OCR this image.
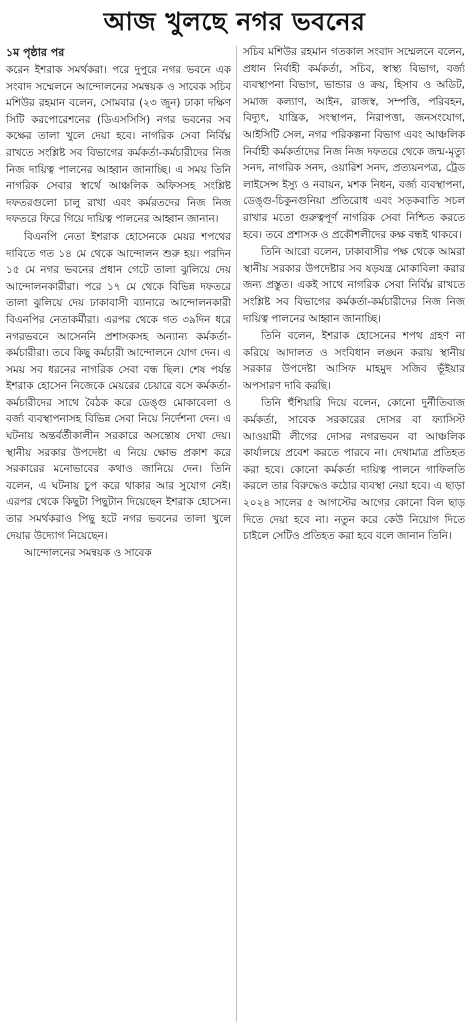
আজ খুলছে নগর ভবনের
১ম পৃষ্ঠার পর

করেন ইশরাক সমর্থকরা। পরে দুপুরে নগর ভবনে এক সংবাদ সম্মেলনে আন্দোলনের সমন্বয়ক ও সাবেক সচিব মশিউর রহমান বলেন, সোমবার (২৩ জুন) ঢাকা দক্ষিণ সিটি করপোরেশনের (ডিএসসিসি) নগর ভবনের সব কক্ষের তালা খুলে দেয়া হবে। নাগরিক সেবা নির্বিঘ্ন রাখতে সংশ্লিষ্ট সব বিভাগের কর্মকর্তা-কর্মচারীদের নিজ নিজ দায়িত্ব পালনের আহ্বান জানাচ্ছি। এ সময় তিনি নাগরিক সেবার স্বার্থে আঞ্চলিক অফিসসহ সংশ্লিষ্ট দফতরগুলো চালু রাখা এবং কর্মরতদের নিজ নিজ দফতরে ফিরে গিয়ে দায়িত্ব পালনের আহ্বান জানান।

বিএনপি নেতা ইশরাক হোসেনকে মেয়র শপথের দাবিতে গত ১৪ মে থেকে আন্দোলন শুরু হয়। পরদিন ১৫ মে নগর ভবনের প্রধান গেটে তালা ঝুলিয়ে দেয় আন্দোলনকারীরা। পরে ১৭ মে থেকে বিভিন্ন দফতরে তালা ঝুলিয়ে দেয় ঢাকাবাসী ব্যানারে আন্দোলনকারী বিএনপির নেতাকর্মীরা। এরপর থেকে গত ৩৯দিন ধরে নগরভবনে আসেননি প্রশাসকসহ অন্যান্য কর্মকর্তা-কর্মচারীরা। তবে কিছু কর্মচারী আন্দোলনে যোগ দেন। এ সময় সব ধরনের নাগরিক সেবা বন্ধ ছিল। শেষ পর্যন্ত ইশরাক হোসেন নিজেকে মেয়রের চেয়ারে বসে কর্মকর্তা-কর্মচারীদের সাথে বৈঠক করে ডেঙ্গু মোকাবেলা ও বর্জ্য ব্যবস্থাপনাসহ বিভিন্ন সেবা নিয়ে নির্দেশনা দেন। এ ঘটনায় অন্তর্বর্তীকালীন সরকারে অসন্তোষ দেখা দেয়। স্থানীয় সরকার উপদেষ্টা এ নিয়ে ক্ষোভ প্রকাশ করে সরকারের মনোভাবের কথাও জানিয়ে দেন। তিনি বলেন, এ ঘটনায় চুপ করে থাকার আর সুযোগ নেই। এরপর থেকে কিছুটা পিছুটান দিয়েছেন ইশরাক হোসেন। তার সমর্থকরাও পিছু হটে নগর ভবনের তালা খুলে দেয়ার উদ্যোগ নিয়েছেন।

আন্দোলনের সমন্বয়ক ও সাবেক

সচিব মশিউর রহমান গতকাল সংবাদ সম্মেলনে বলেন, প্রধান নির্বাহী কর্মকর্তা, সচিব, স্বাস্থ্য বিভাগ, বর্জ্য ব্যবস্থাপনা বিভাগ, ভান্ডার ও ক্রয়, হিসাব ও অডিট, সমাজ কল্যাণ, আইন, রাজস্ব, সম্পত্তি, পরিবহন, বিদ্যুৎ, যান্ত্রিক, সংস্থাপন, নিরাপত্তা, জনসংযোগ, আইসিটি সেল, নগর পরিকল্পনা বিভাগ এবং আঞ্চলিক নির্বাহী কর্মকর্তাদের নিজ নিজ দফতরে থেকে জন্ম-মৃত্যু সনদ, নাগরিক সনদ, ওয়ারিশ সনদ, প্রত্যয়নপত্র, ট্রেড লাইসেন্স ইস্যু ও নবায়ন, মশক নিধন, বর্জ্য ব্যবস্থাপনা, ডেঙ্গু-চিকুনগুনিয়া প্রতিরোধ এবং সড়কবাতি সচল রাখার মতো গুরুত্বপূর্ণ নাগরিক সেবা নিশ্চিত করতে হবে। তবে প্রশাসক ও প্রকৌশলীদের কক্ষ বন্ধই থাকবে।

তিনি আরো বলেন, ঢাকাবাসীর পক্ষ থেকে আমরা স্থানীয় সরকার উপদেষ্টার সব ষড়যন্ত্র মোকাবিলা করার জন্য প্রস্তুত। একই সাথে নাগরিক সেবা নির্বিঘ্ন রাখতে সংশ্লিষ্ট সব বিভাগের কর্মকর্তা-কর্মচারীদের নিজ নিজ দায়িত্ব পালনের আহ্বান জানাচ্ছি।

তিনি বলেন, ইশরাক হোসেনের শপথ গ্রহণ না করিয়ে আদালত ও সংবিধান লঙ্ঘন করায় স্থানীয় সরকার উপদেষ্টা আসিফ মাহমুদ সজিব ভূঁইয়ার অপসারণ দাবি করছি।

তিনি হুঁশিয়ারি দিয়ে বলেন, কোনো দুর্নীতিবাজ কর্মকর্তা, সাবেক সরকারের দোসর বা ফ্যাসিস্ট আওয়ামী লীগের দোসর নগরভবন বা আঞ্চলিক কার্যালয়ে প্রবেশ করতে পারবে না। দেখামাত্র প্রতিহত করা হবে। কোনো কর্মকর্তা দায়িত্ব পালনে গাফিলতি করলে তার বিরুদ্ধেও কঠোর ব্যবস্থা নেয়া হবে। এ ছাড়া ২০২৪ সালের ৫ আগস্টের আগের কোনো বিল ছাড় দিতে দেয়া হবে না। নতুন করে কেউ নিয়োগ দিতে চাইলে সেটিও প্রতিহত করা হবে বলে জানান তিনি।
